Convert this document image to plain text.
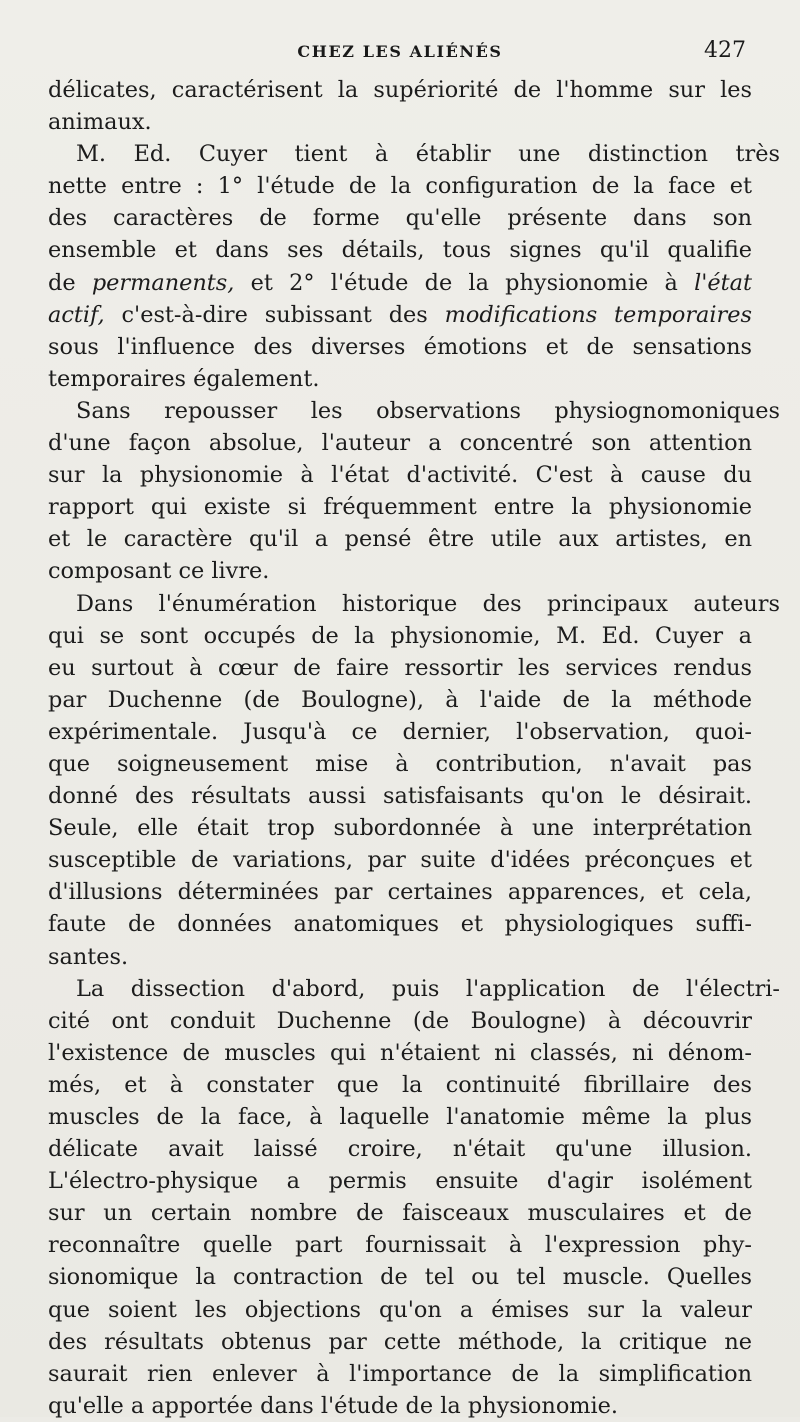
CHEZ LES ALIÉNÉS	427
délicates, caractérisent la supériorité de l'homme sur les
animaux.
M. Ed. Cuyer tient à établir une distinction très
nette entre : 1° l'étude de la configuration de la face et
des caractères de forme qu'elle présente dans son
ensemble et dans ses détails, tous signes qu'il qualifie
de permanents, et 2° l'étude de la physionomie à l'état
actif, c'est-à-dire subissant des modifications temporaires
sous l'influence des diverses émotions et de sensations
temporaires également.
Sans repousser les observations physiognomoniques
d'une façon absolue, l'auteur a concentré son attention
sur la physionomie à l'état d'activité. C'est à cause du
rapport qui existe si fréquemment entre la physionomie
et le caractère qu'il a pensé être utile aux artistes, en
composant ce livre.
Dans l'énumération historique des principaux auteurs
qui se sont occupés de la physionomie, M. Ed. Cuyer a
eu surtout à cœur de faire ressortir les services rendus
par Duchenne (de Boulogne), à l'aide de la méthode
expérimentale. Jusqu'à ce dernier, l'observation, quoi-
que soigneusement mise à contribution, n'avait pas
donné des résultats aussi satisfaisants qu'on le désirait.
Seule, elle était trop subordonnée à une interprétation
susceptible de variations, par suite d'idées préconçues et
d'illusions déterminées par certaines apparences, et cela,
faute de données anatomiques et physiologiques suffi-
santes.
La dissection d'abord, puis l'application de l'électri-
cité ont conduit Duchenne (de Boulogne) à découvrir
l'existence de muscles qui n'étaient ni classés, ni dénom-
més, et à constater que la continuité fibrillaire des
muscles de la face, à laquelle l'anatomie même la plus
délicate avait laissé croire, n'était qu'une illusion.
L'électro-physique a permis ensuite d'agir isolément
sur un certain nombre de faisceaux musculaires et de
reconnaître quelle part fournissait à l'expression phy-
sionomique la contraction de tel ou tel muscle. Quelles
que soient les objections qu'on a émises sur la valeur
des résultats obtenus par cette méthode, la critique ne
saurait rien enlever à l'importance de la simplification
qu'elle a apportée dans l'étude de la physionomie.
